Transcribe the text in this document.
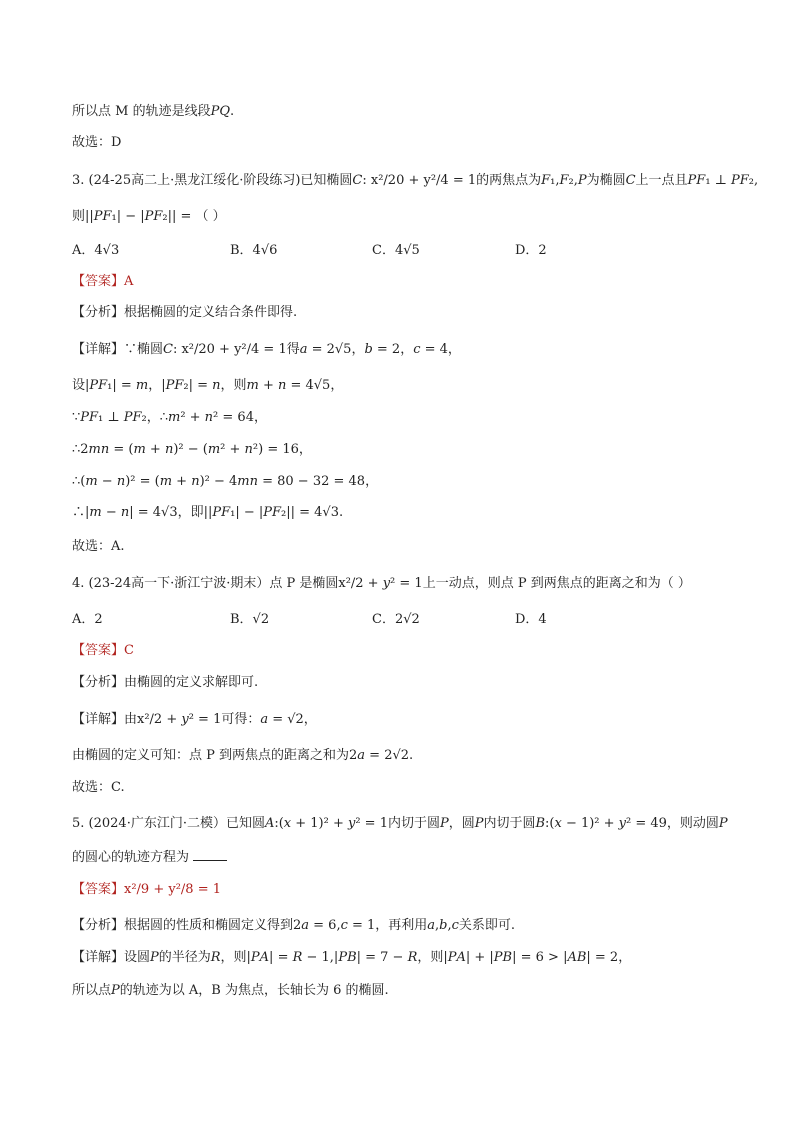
所以点 M 的轨迹是线段𝑃𝑄.
故选：D
3. (24-25高二上·黑龙江绥化·阶段练习)已知椭圆𝐶: x²/20 + y²/4 = 1的两焦点为𝐹₁,𝐹₂,𝑃为椭圆𝐶上一点且𝑃𝐹₁ ⊥ 𝑃𝐹₂,
则||𝑃𝐹₁| − |𝑃𝐹₂|| = （ ）
A．4√3	B．4√6	C．4√5	D．2
【答案】A
【分析】根据椭圆的定义结合条件即得.
【详解】∵椭圆𝐶: x²/20 + y²/4 = 1得𝑎 = 2√5，𝑏 = 2，𝑐 = 4，
设|𝑃𝐹₁| = 𝑚，|𝑃𝐹₂| = 𝑛，则𝑚 + 𝑛 = 4√5，
∵𝑃𝐹₁ ⊥ 𝑃𝐹₂，∴𝑚² + 𝑛² = 64，
∴2𝑚𝑛 = (𝑚 + 𝑛)² − (𝑚² + 𝑛²) = 16，
∴(𝑚 − 𝑛)² = (𝑚 + 𝑛)² − 4𝑚𝑛 = 80 − 32 = 48，
∴|𝑚 − 𝑛| = 4√3，即||𝑃𝐹₁| − |𝑃𝐹₂|| = 4√3.
故选：A.
4. (23-24高一下·浙江宁波·期末）点 P 是椭圆x²/2 + 𝑦² = 1上一动点，则点 P 到两焦点的距离之和为（ ）
A．2	B．√2	C．2√2	D．4
【答案】C
【分析】由椭圆的定义求解即可.
【详解】由x²/2 + 𝑦² = 1可得：𝑎 = √2，
由椭圆的定义可知：点 P 到两焦点的距离之和为2𝑎 = 2√2.
故选：C.
5. (2024·广东江门·二模）已知圆𝐴:(𝑥 + 1)² + 𝑦² = 1内切于圆𝑃，圆𝑃内切于圆𝐵:(𝑥 − 1)² + 𝑦² = 49，则动圆𝑃
的圆心的轨迹方程为
【答案】x²/9 + y²/8 = 1
【分析】根据圆的性质和椭圆定义得到2𝑎 = 6,𝑐 = 1，再利用𝑎,𝑏,𝑐关系即可.
【详解】设圆𝑃的半径为𝑅，则|𝑃𝐴| = 𝑅 − 1,|𝑃𝐵| = 7 − 𝑅，则|𝑃𝐴| + |𝑃𝐵| = 6 > |𝐴𝐵| = 2，
所以点𝑃的轨迹为以 A，B 为焦点，长轴长为 6 的椭圆.
